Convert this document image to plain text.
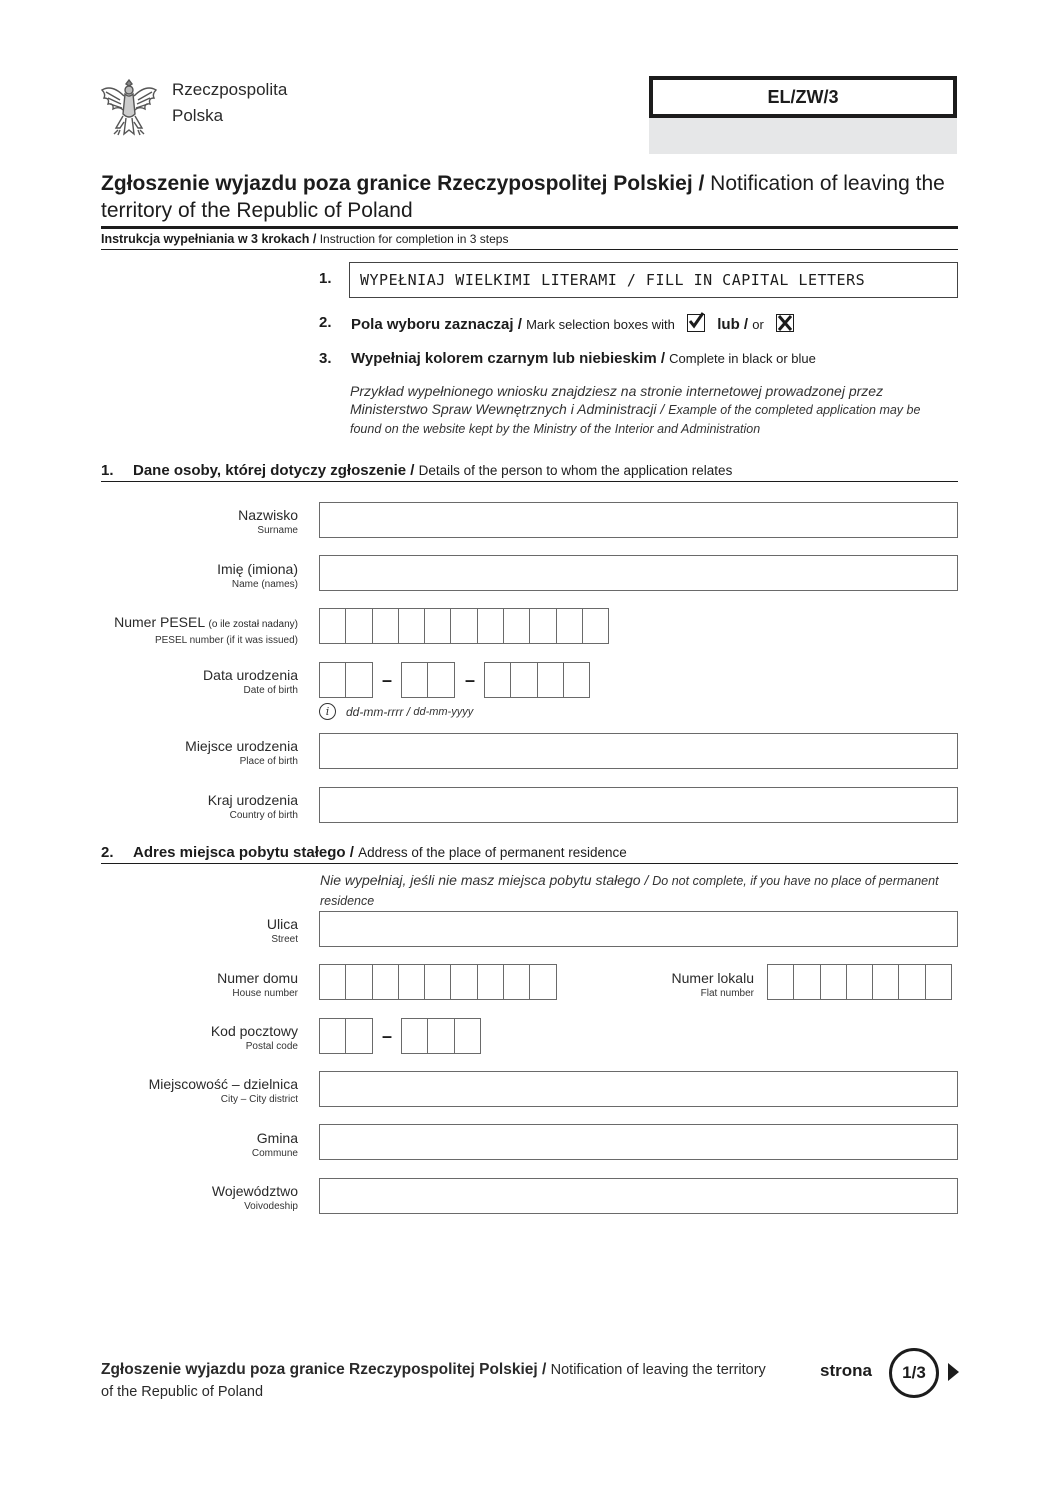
Rzeczpospolita
Polska
EL/ZW/3
Zgłoszenie wyjazdu poza granice Rzeczypospolitej Polskiej / Notification of leaving the territory of the Republic of Poland
Instrukcja wypełniania w 3 krokach / Instruction for completion in 3 steps
1.	WYPEŁNIAJ WIELKIMI LITERAMI / FILL IN CAPITAL LETTERS
2. Pola wyboru zaznaczaj / Mark selection boxes with	lub / or
3. Wypełniaj kolorem czarnym lub niebieskim / Complete in black or blue
Przykład wypełnionego wniosku znajdziesz na stronie internetowej prowadzonej przez Ministerstwo Spraw Wewnętrznych i Administracji / Example of the completed application may be found on the website kept by the Ministry of the Interior and Administration
1. Dane osoby, której dotyczy zgłoszenie / Details of the person to whom the application relates
Nazwisko
Surname
Imię (imiona)
Name (names)
Numer PESEL (o ile został nadany)
PESEL number (if it was issued)
Data urodzenia
Date of birth
–	–
i	dd-mm-rrrr /
dd-mm-yyyy
Miejsce urodzenia
Place of birth
Kraj urodzenia
Country of birth
2. Adres miejsca pobytu stałego / Address of the place of permanent residence
Nie wypełniaj, jeśli nie masz miejsca pobytu stałego / Do not complete, if you have no place of permanent residence
Ulica
Street
Numer domu
House number
Numer lokalu
Flat number
Kod pocztowy
Postal code
–
Miejscowość – dzielnica
City – City district
Gmina
Commune
Województwo
Voivodeship
Zgłoszenie wyjazdu poza granice Rzeczypospolitej Polskiej / Notification of leaving the territory of the Republic of Poland
strona	1/3
